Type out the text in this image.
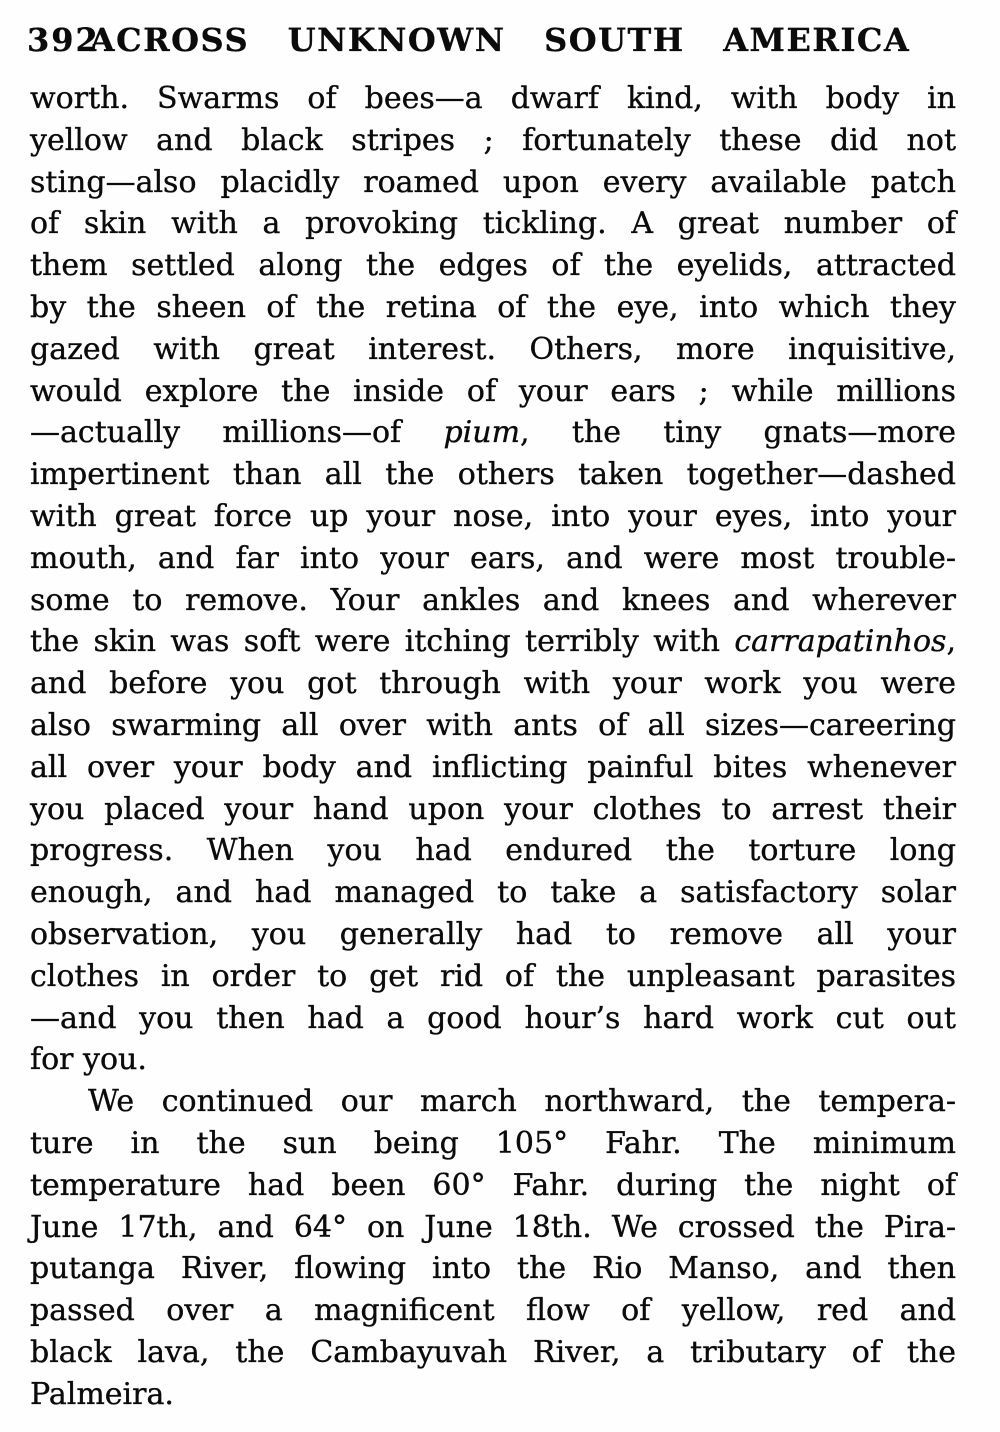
392
ACROSS UNKNOWN SOUTH AMERICA
worth. Swarms of bees—a dwarf kind, with body in
yellow and black stripes ; fortunately these did not
sting—also placidly roamed upon every available patch
of skin with a provoking tickling. A great number of
them settled along the edges of the eyelids, attracted
by the sheen of the retina of the eye, into which they
gazed with great interest. Others, more inquisitive,
would explore the inside of your ears ; while millions
—actually millions—of pium, the tiny gnats—more
impertinent than all the others taken together—dashed
with great force up your nose, into your eyes, into your
mouth, and far into your ears, and were most trouble-
some to remove. Your ankles and knees and wherever
the skin was soft were itching terribly with carrapatinhos,
and before you got through with your work you were
also swarming all over with ants of all sizes—careering
all over your body and inflicting painful bites whenever
you placed your hand upon your clothes to arrest their
progress. When you had endured the torture long
enough, and had managed to take a satisfactory solar
observation, you generally had to remove all your
clothes in order to get rid of the unpleasant parasites
—and you then had a good hour’s hard work cut out
for you.
We continued our march northward, the tempera-
ture in the sun being 105° Fahr. The minimum
temperature had been 60° Fahr. during the night of
June 17th, and 64° on June 18th. We crossed the Pira-
putanga River, flowing into the Rio Manso, and then
passed over a magnificent flow of yellow, red and
black lava, the Cambayuvah River, a tributary of the
Palmeira.
